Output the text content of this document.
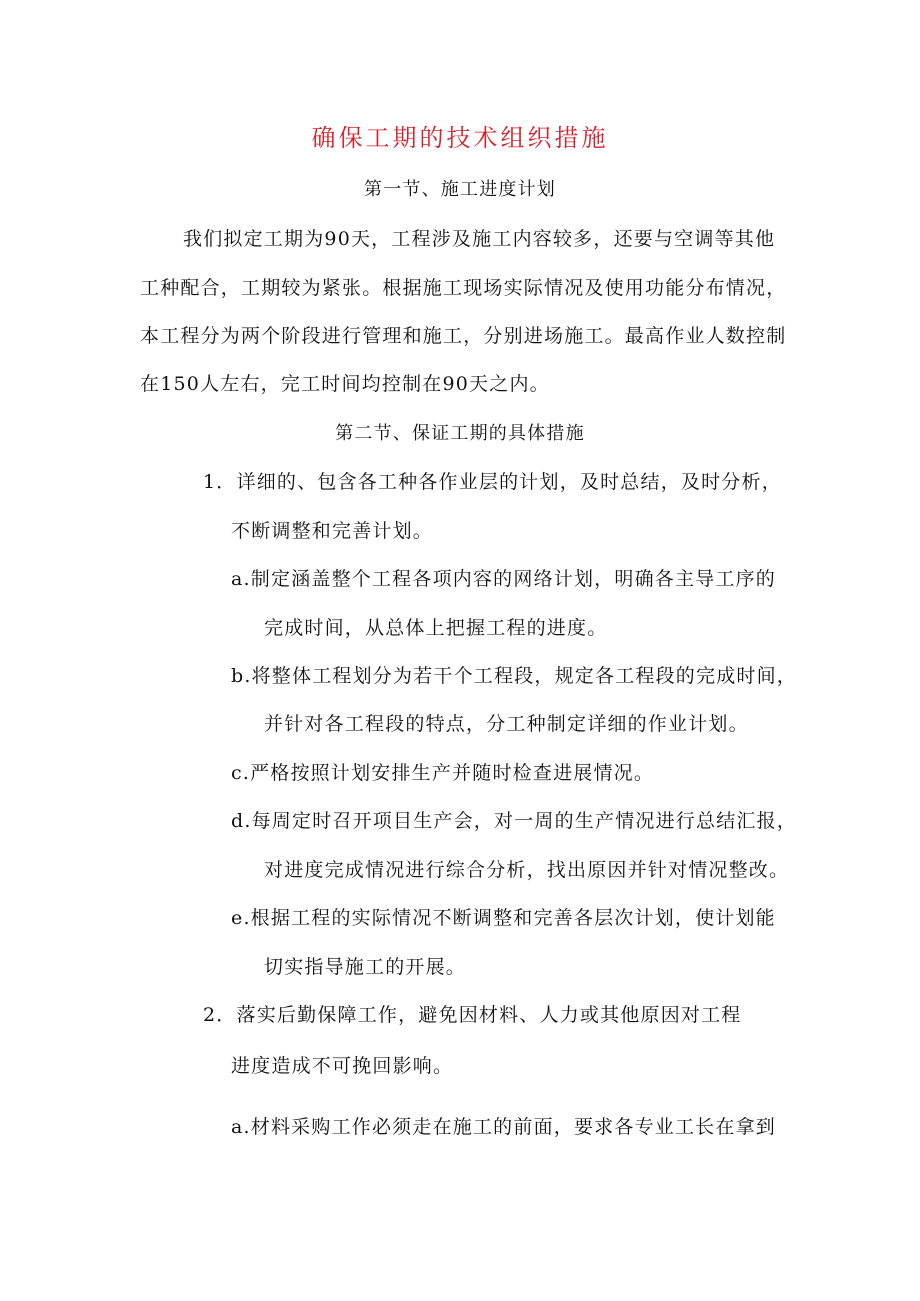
确保工期的技术组织措施
第一节、施工进度计划
我们拟定工期为90天，工程涉及施工内容较多，还要与空调等其他
工种配合，工期较为紧张。根据施工现场实际情况及使用功能分布情况，
本工程分为两个阶段进行管理和施工，分别进场施工。最高作业人数控制
在150人左右，完工时间均控制在90天之内。
第二节、保证工期的具体措施
1．详细的、包含各工种各作业层的计划，及时总结，及时分析，
不断调整和完善计划。
a.制定涵盖整个工程各项内容的网络计划，明确各主导工序的
完成时间，从总体上把握工程的进度。
b.将整体工程划分为若干个工程段，规定各工程段的完成时间，
并针对各工程段的特点，分工种制定详细的作业计划。
c.严格按照计划安排生产并随时检查进展情况。
d.每周定时召开项目生产会，对一周的生产情况进行总结汇报，
对进度完成情况进行综合分析，找出原因并针对情况整改。
e.根据工程的实际情况不断调整和完善各层次计划，使计划能
切实指导施工的开展。
2．落实后勤保障工作，避免因材料、人力或其他原因对工程
进度造成不可挽回影响。
a.材料采购工作必须走在施工的前面，要求各专业工长在拿到
